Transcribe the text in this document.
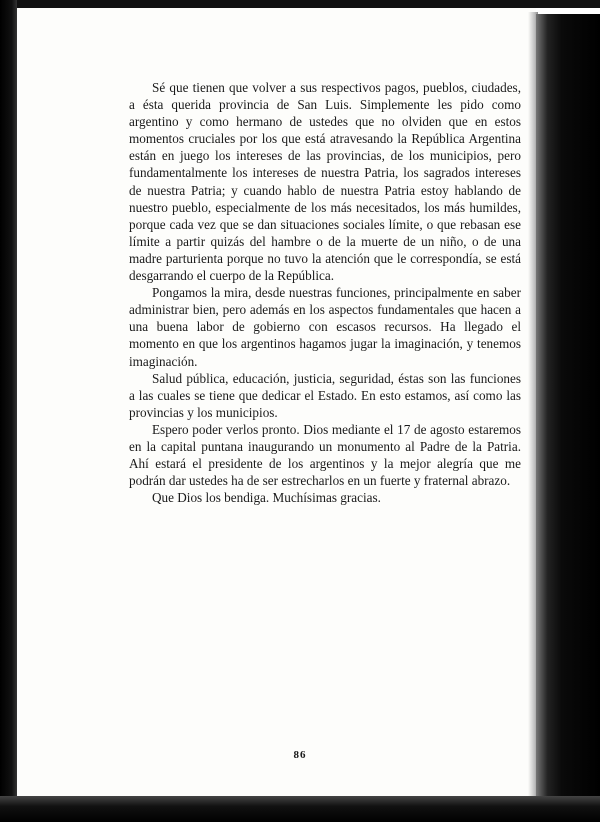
Sé que tienen que volver a sus respectivos pagos, pueblos, ciudades, a ésta querida provincia de San Luis. Simplemente les pido como argentino y como hermano de ustedes que no olviden que en estos momentos cruciales por los que está atravesando la República Argentina están en juego los intereses de las provincias, de los municipios, pero fundamentalmente los intereses de nuestra Patria, los sagrados intereses de nuestra Patria; y cuando hablo de nuestra Patria estoy hablando de nuestro pueblo, especialmente de los más necesitados, los más humildes, porque cada vez que se dan situaciones sociales límite, o que rebasan ese límite a partir quizás del hambre o de la muerte de un niño, o de una madre parturienta porque no tuvo la atención que le correspondía, se está desgarrando el cuerpo de la República.

Pongamos la mira, desde nuestras funciones, principalmente en saber administrar bien, pero además en los aspectos fundamentales que hacen a una buena labor de gobierno con escasos recursos. Ha llegado el momento en que los argentinos hagamos jugar la imaginación, y tenemos imaginación.

Salud pública, educación, justicia, seguridad, éstas son las funciones a las cuales se tiene que dedicar el Estado. En esto estamos, así como las provincias y los municipios.

Espero poder verlos pronto. Dios mediante el 17 de agosto estaremos en la capital puntana inaugurando un monumento al Padre de la Patria. Ahí estará el presidente de los argentinos y la mejor alegría que me podrán dar ustedes ha de ser estrecharlos en un fuerte y fraternal abrazo.

Que Dios los bendiga. Muchísimas gracias.

86
